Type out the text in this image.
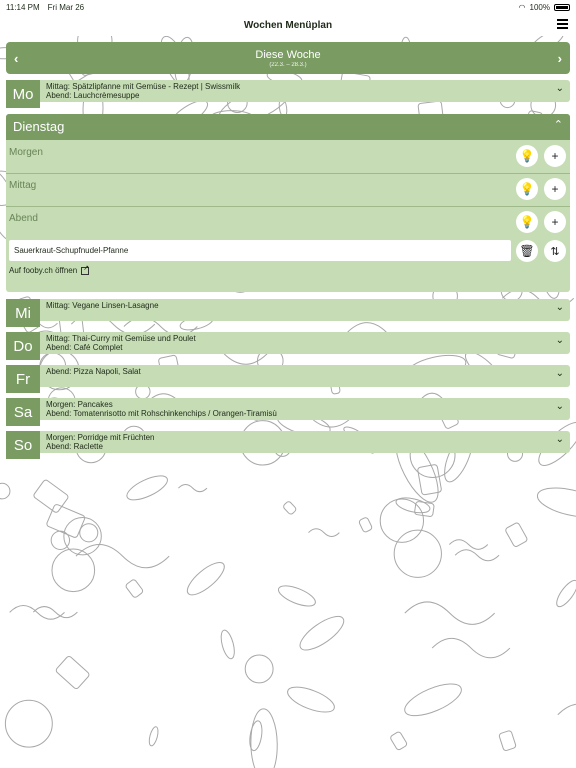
11:14 PM Fri Mar 26	◠ 100%
Wochen Menüplan
‹	Diese Woche
(22.3. – 28.3.)	›
Mo	Mittag: Spätzlipfanne mit Gemüse - Rezept | Swissmilk
Abend: Lauchcrèmesuppe
⌄
Dienstag	⌃
Morgen	💡	+
Mittag	💡	+
Abend	💡	+
Sauerkraut-Schupfnudel-Pfanne	🗑	⇅
Auf fooby.ch öffnen
↗
Mi	Mittag: Vegane Linsen-Lasagne	⌄
Do	Mittag: Thai-Curry mit Gemüse und Poulet
Abend: Café Complet
⌄
Fr	Abend: Pizza Napoli, Salat	⌄
Sa	Morgen: Pancakes
Abend: Tomatenrisotto mit Rohschinkenchips / Orangen-Tiramisù
⌄
So	Morgen: Porridge mit Früchten
Abend: Raclette
⌄
